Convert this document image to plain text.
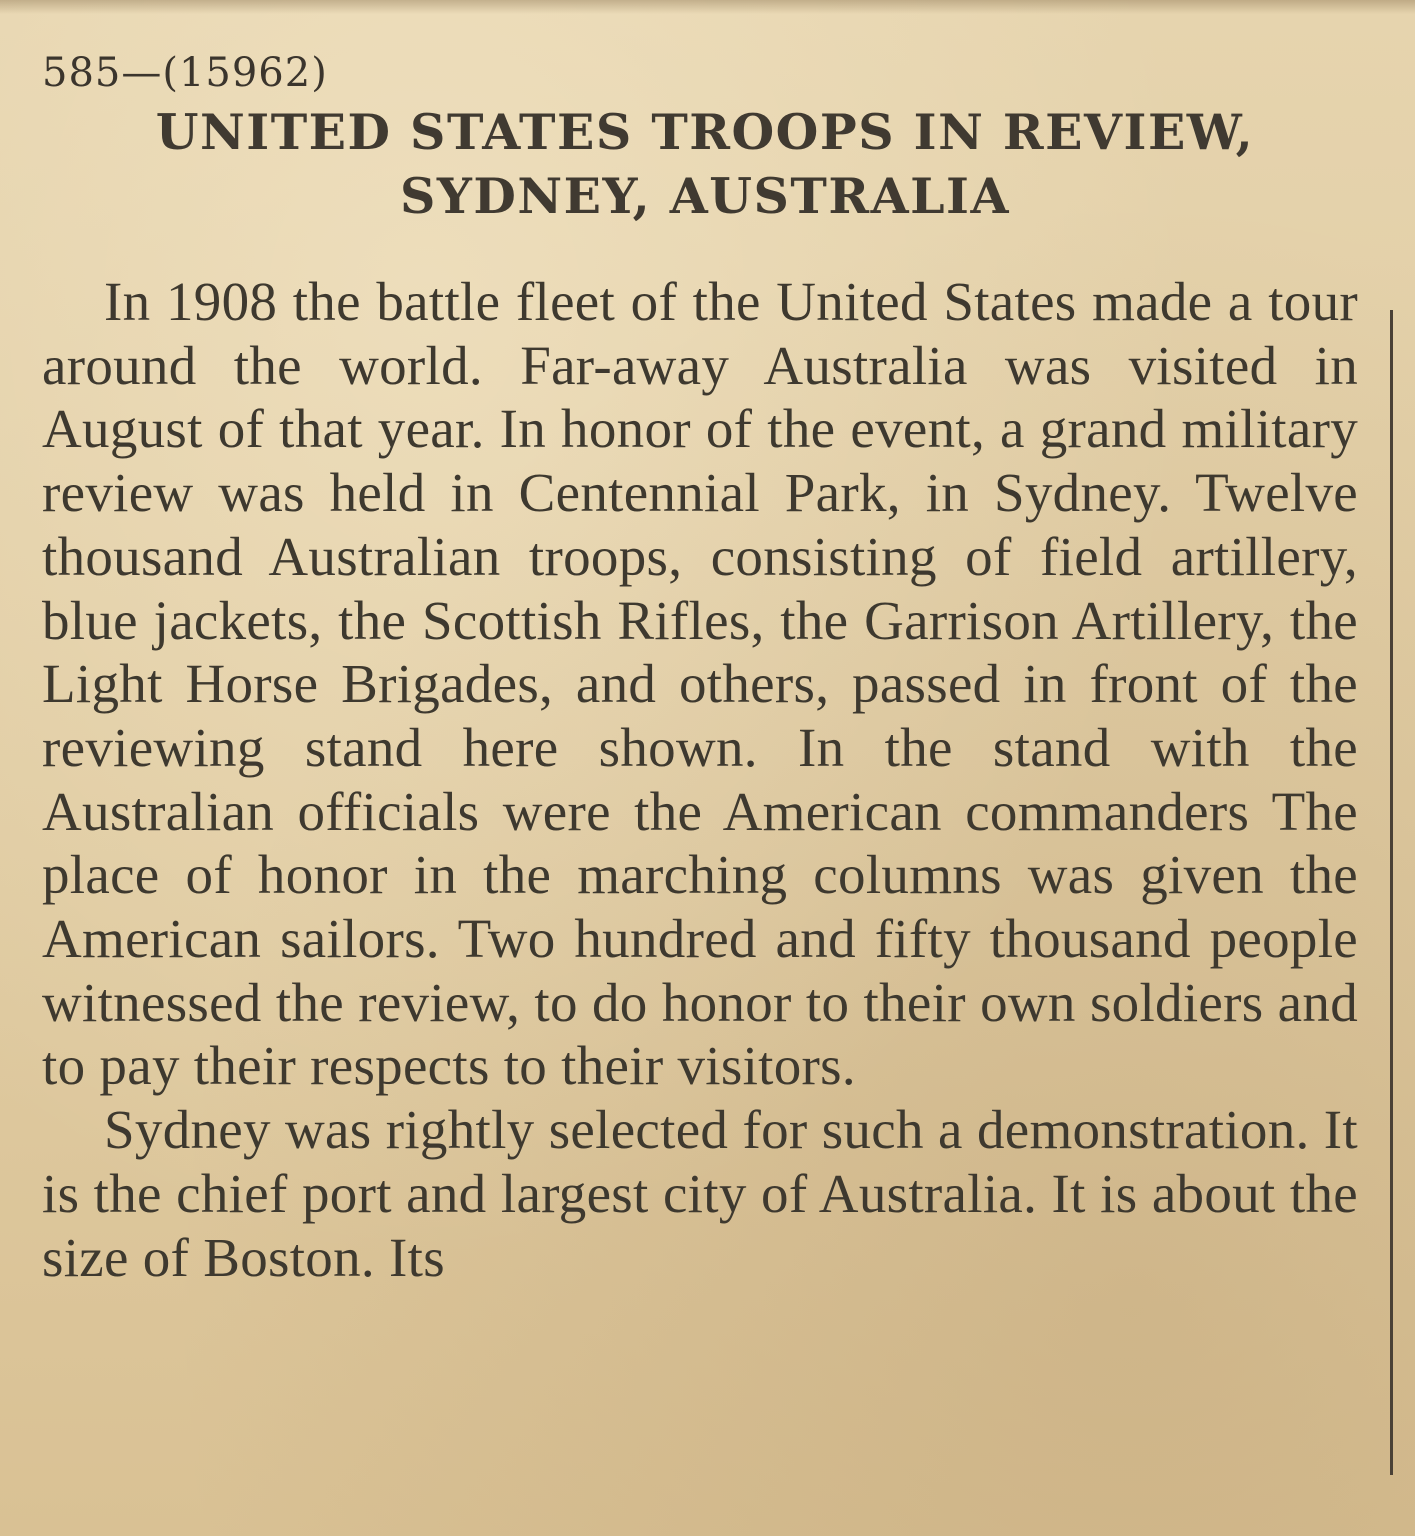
585—(15962)
UNITED STATES TROOPS IN REVIEW,
SYDNEY, AUSTRALIA

In 1908 the battle fleet of the United States made a tour around the world. Far-away Australia was visited in August of that year. In honor of the event, a grand military review was held in Centennial Park, in Sydney. Twelve thousand Australian troops, consisting of field artillery, blue jackets, the Scottish Rifles, the Garrison Artillery, the Light Horse Brigades, and others, passed in front of the reviewing stand here shown. In the stand with the Australian officials were the American commanders The place of honor in the marching columns was given the American sailors. Two hundred and fifty thousand people witnessed the review, to do honor to their own soldiers and to pay their respects to their visitors.

Sydney was rightly selected for such a demonstration. It is the chief port and largest city of Australia. It is about the size of Boston. Its
